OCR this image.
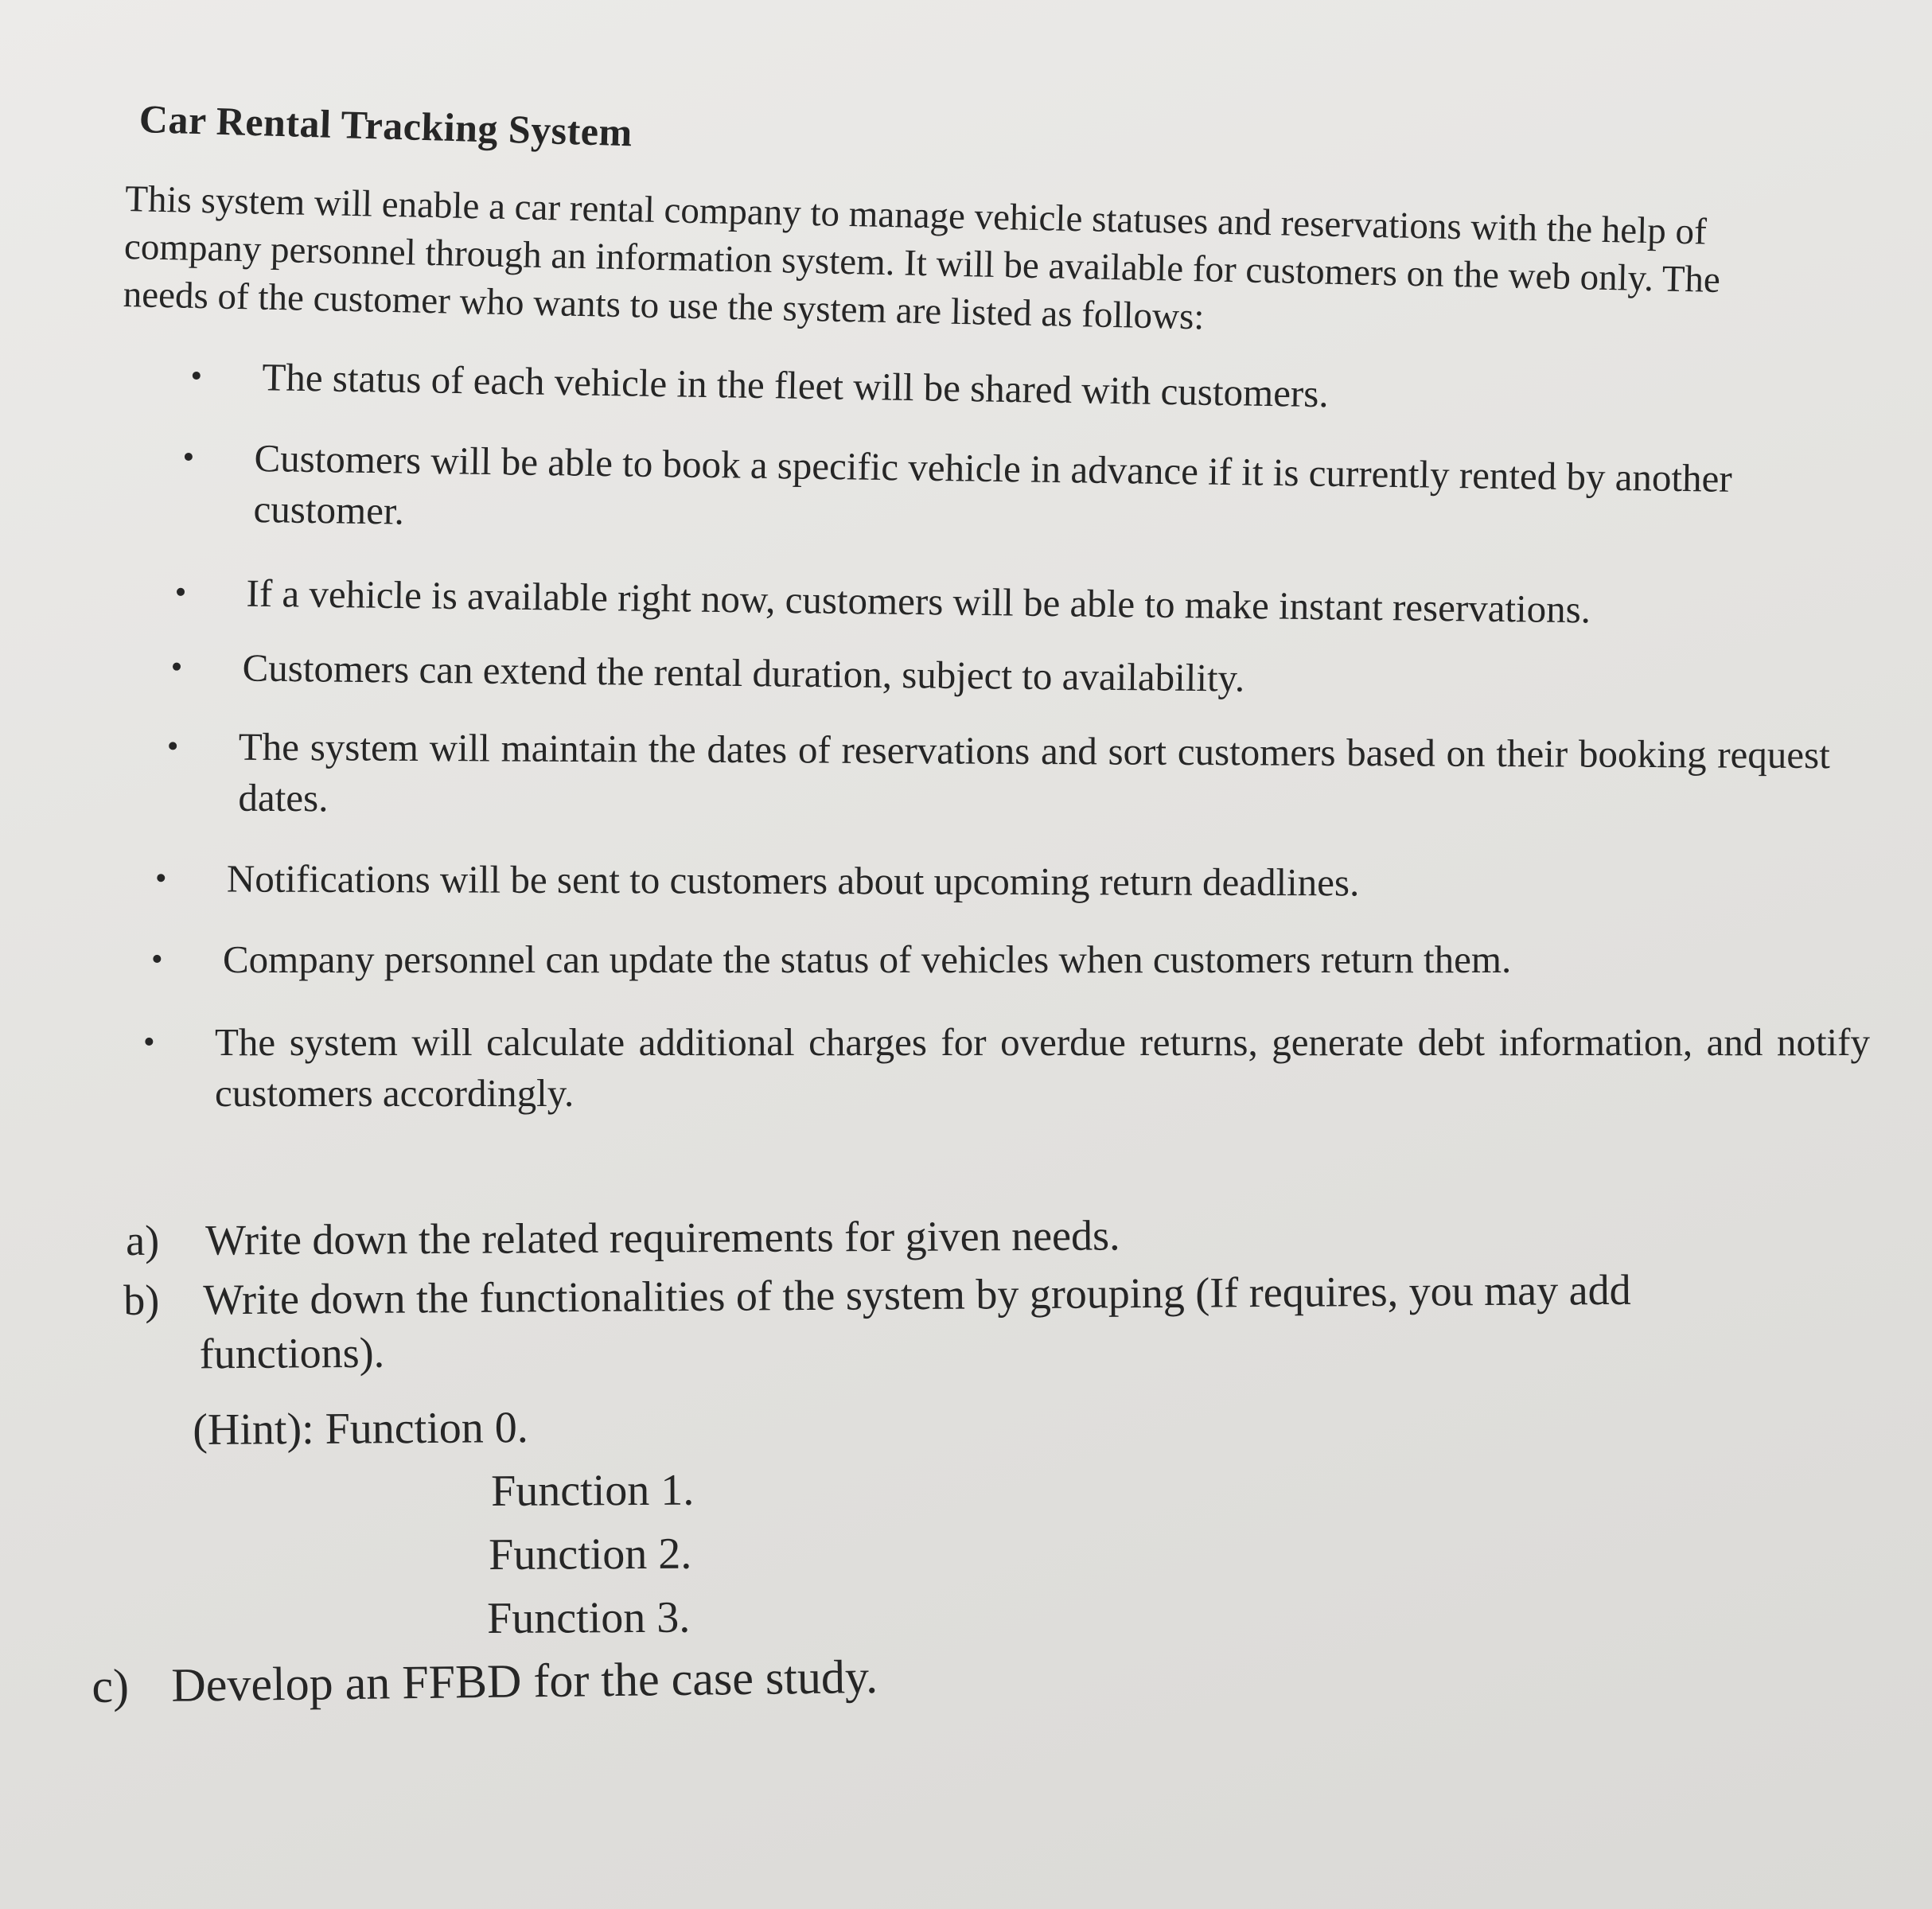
Car Rental Tracking System

This system will enable a car rental company to manage vehicle statuses and reservations with the help of company personnel through an information system. It will be available for customers on the web only. The needs of the customer who wants to use the system are listed as follows:

• The status of each vehicle in the fleet will be shared with customers.
• Customers will be able to book a specific vehicle in advance if it is currently rented by another customer.
• If a vehicle is available right now, customers will be able to make instant reservations.
• Customers can extend the rental duration, subject to availability.
• The system will maintain the dates of reservations and sort customers based on their booking request dates.
• Notifications will be sent to customers about upcoming return deadlines.
• Company personnel can update the status of vehicles when customers return them.
• The system will calculate additional charges for overdue returns, generate debt information, and notify customers accordingly.

a) Write down the related requirements for given needs.

b) Write down the functionalities of the system by grouping (If requires, you may add
functions).

(Hint): Function 0.

Function 1.

Function 2.

Function 3.

c) Develop an FFBD for the case study.
